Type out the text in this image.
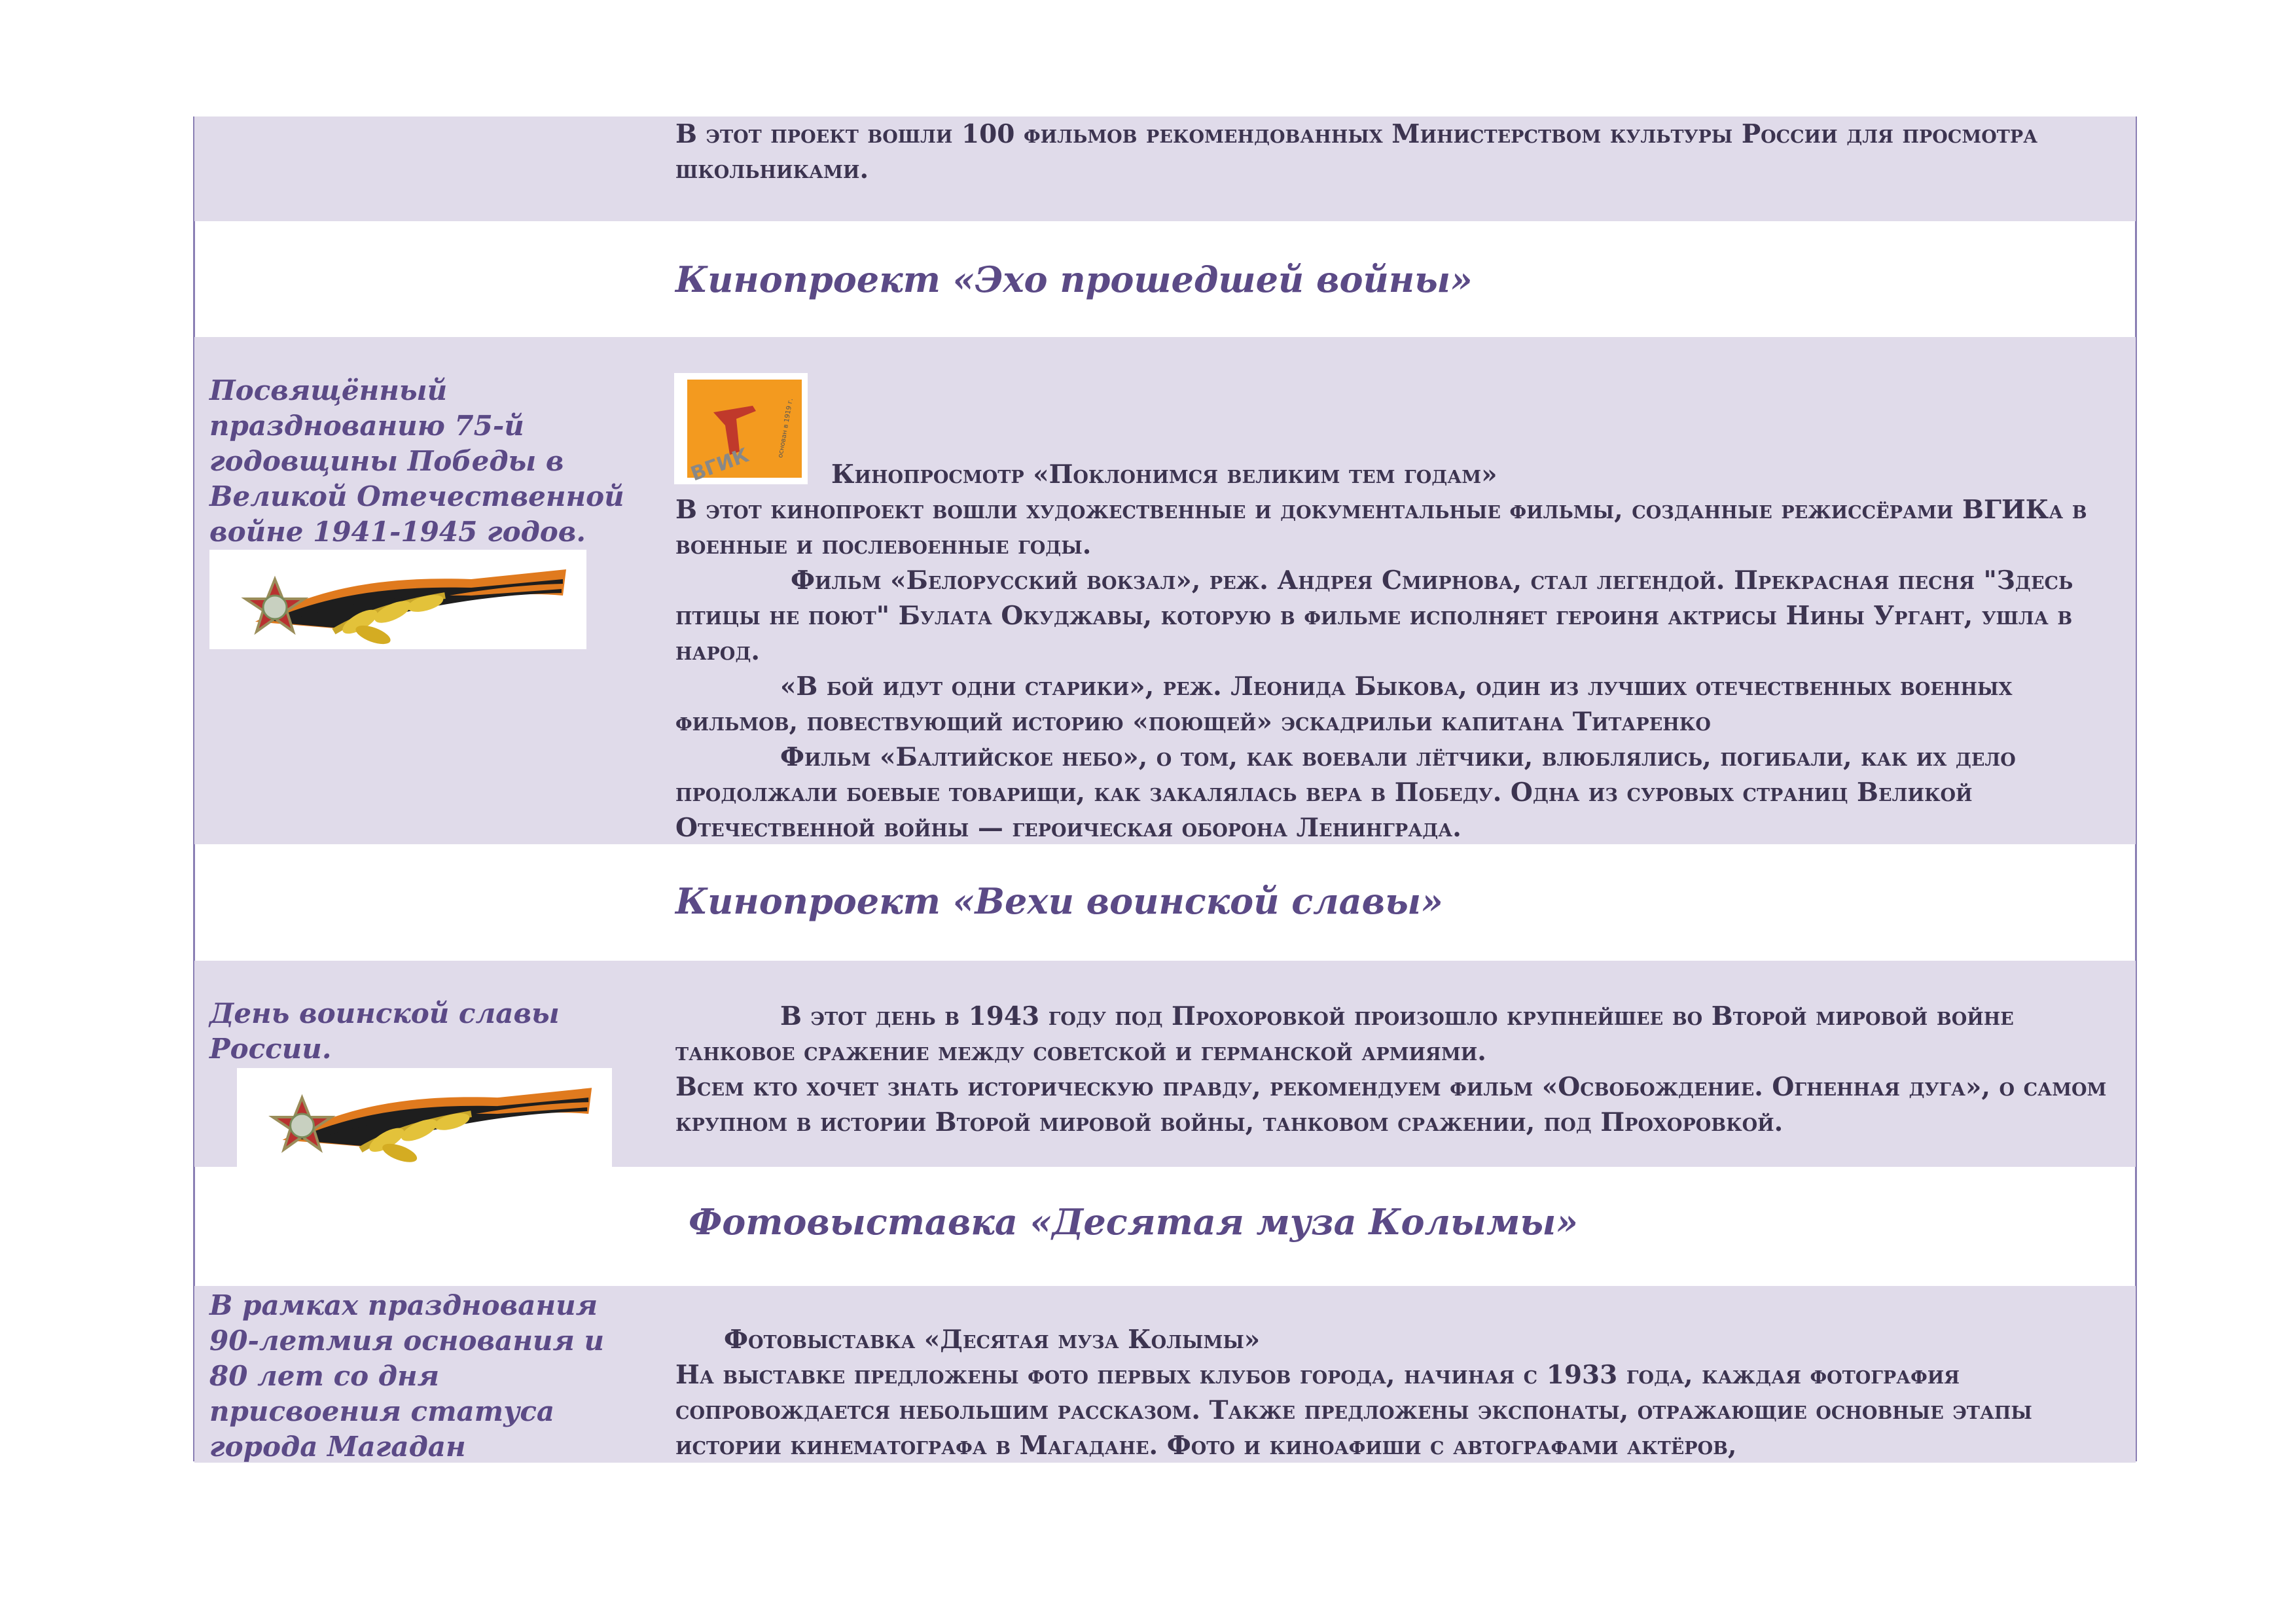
В этот проект вошли 100 фильмов рекомендованных Министерством культуры России для просмотра школьниками.
Кинопроект «Эхо прошедшей войны»
Посвящённый празднованию 75-й годовщины Победы в Великой Отечественной войне 1941-1945 годов.
ВГИК
основан в 1919 г.

Кинопросмотр «Поклонимся великим тем годам»

В этот кинопроект вошли художественные и документальные фильмы, созданные режиссёрами ВГИКа в военные и послевоенные годы.

Фильм «Белорусский вокзал», реж. Андрея Смирнова, стал легендой. Прекрасная песня "Здесь птицы не поют" Булата Окуджавы, которую в фильме исполняет героиня актрисы Нины Ургант, ушла в народ.

«В бой идут одни старики», реж. Леонида Быкова, один из лучших отечественных военных фильмов, повествующий историю «поющей» эскадрильи капитана Титаренко

Фильм «Балтийское небо», о том, как воевали лётчики, влюблялись, погибали, как их дело продолжали боевые товарищи, как закалялась вера в Победу. Одна из суровых страниц Великой Отечественной войны — героическая оборона Ленинграда.

Кинопроект «Вехи воинской славы»
День воинской славы России.

В этот день в 1943 году под Прохоровкой произошло крупнейшее во Второй мировой войне танковое сражение между советской и германской армиями.

Всем кто хочет знать историческую правду, рекомендуем фильм «Освобождение. Огненная дуга», о самом крупном в истории Второй мировой войны, танковом сражении, под Прохоровкой.

Фотовыставка «Десятая муза Колымы»
В рамках празднования 90-летмия основания и 80 лет со дня присвоения статуса города Магадан

Фотовыставка «Десятая муза Колымы»

На выставке предложены фото первых клубов города, начиная с 1933 года, каждая фотография сопровождается небольшим рассказом. Также предложены экспонаты, отражающие основные этапы истории кинематографа в Магадане. Фото и киноафиши с автографами актёров,
